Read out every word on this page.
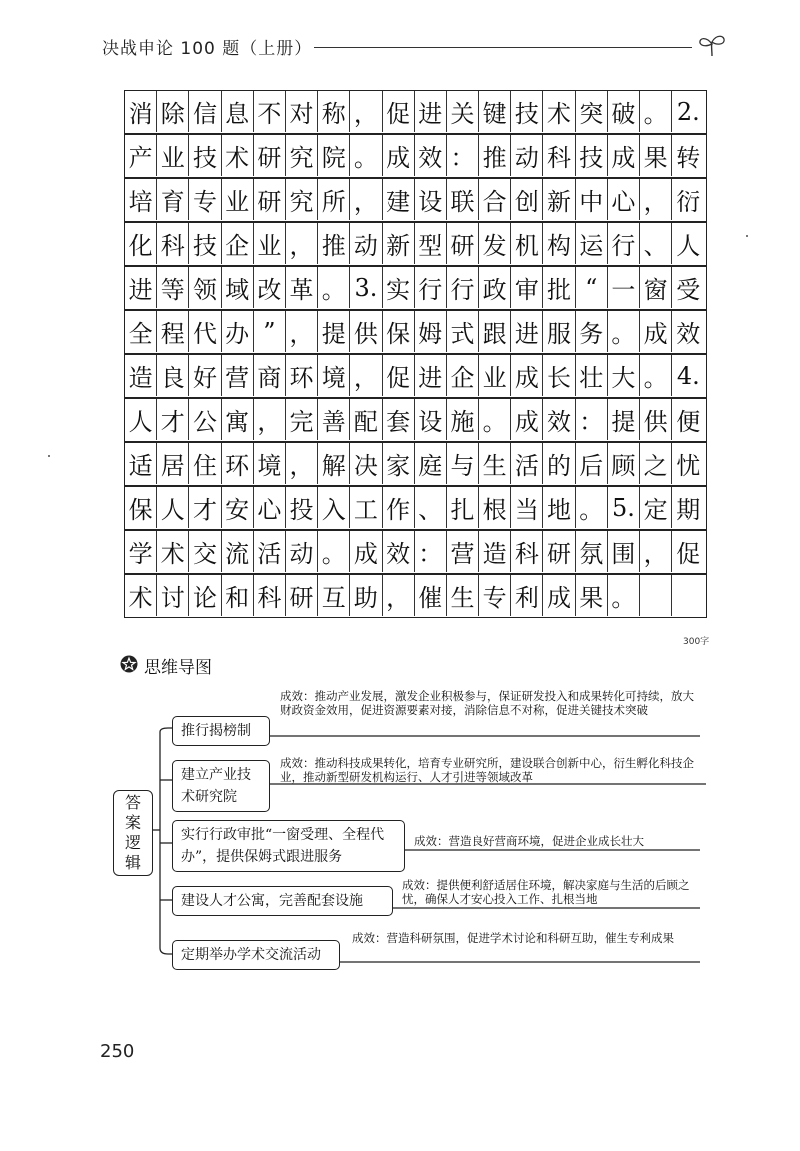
决战申论 100 题（上册）
消 除 信 息 不 对 称 ， 促 进 关 键 技 术 突 破 。 2.
产 业 技 术 研 究 院 。 成 效 ： 推 动 科 技 成 果 转
培 育 专 业 研 究 所 ， 建 设 联 合 创 新 中 心 ， 衍
化 科 技 企 业 ， 推 动 新 型 研 发 机 构 运 行 、 人
进 等 领 域 改 革 。 3. 实 行 行 政 审 批 “ 一 窗 受
全 程 代 办 ” ， 提 供 保 姆 式 跟 进 服 务 。 成 效
造 良 好 营 商 环 境 ， 促 进 企 业 成 长 壮 大 。 4.
人 才 公 寓 ， 完 善 配 套 设 施 。 成 效 ： 提 供 便
适 居 住 环 境 ， 解 决 家 庭 与 生 活 的 后 顾 之 忧
保 人 才 安 心 投 入 工 作 、 扎 根 当 地 。 5. 定 期
学 术 交 流 活 动 。 成 效 ： 营 造 科 研 氛 围 ， 促
术 讨 论 和 科 研 互 助 ， 催 生 专 利 成 果 。
300字
思维导图
答案逻辑
推行揭榜制
成效：推动产业发展，激发企业积极参与，保证研发投入和成果转化可持续，放大财政资金效用，促进资源要素对接，消除信息不对称，促进关键技术突破
建立产业技术研究院
成效：推动科技成果转化，培育专业研究所，建设联合创新中心，衍生孵化科技企业，推动新型研发机构运行、人才引进等领域改革
实行行政审批“一窗受理、全程代办”，提供保姆式跟进服务
成效：营造良好营商环境，促进企业成长壮大
建设人才公寓，完善配套设施
成效：提供便利舒适居住环境，解决家庭与生活的后顾之忧，确保人才安心投入工作、扎根当地
定期举办学术交流活动
成效：营造科研氛围，促进学术讨论和科研互助，催生专利成果
250
